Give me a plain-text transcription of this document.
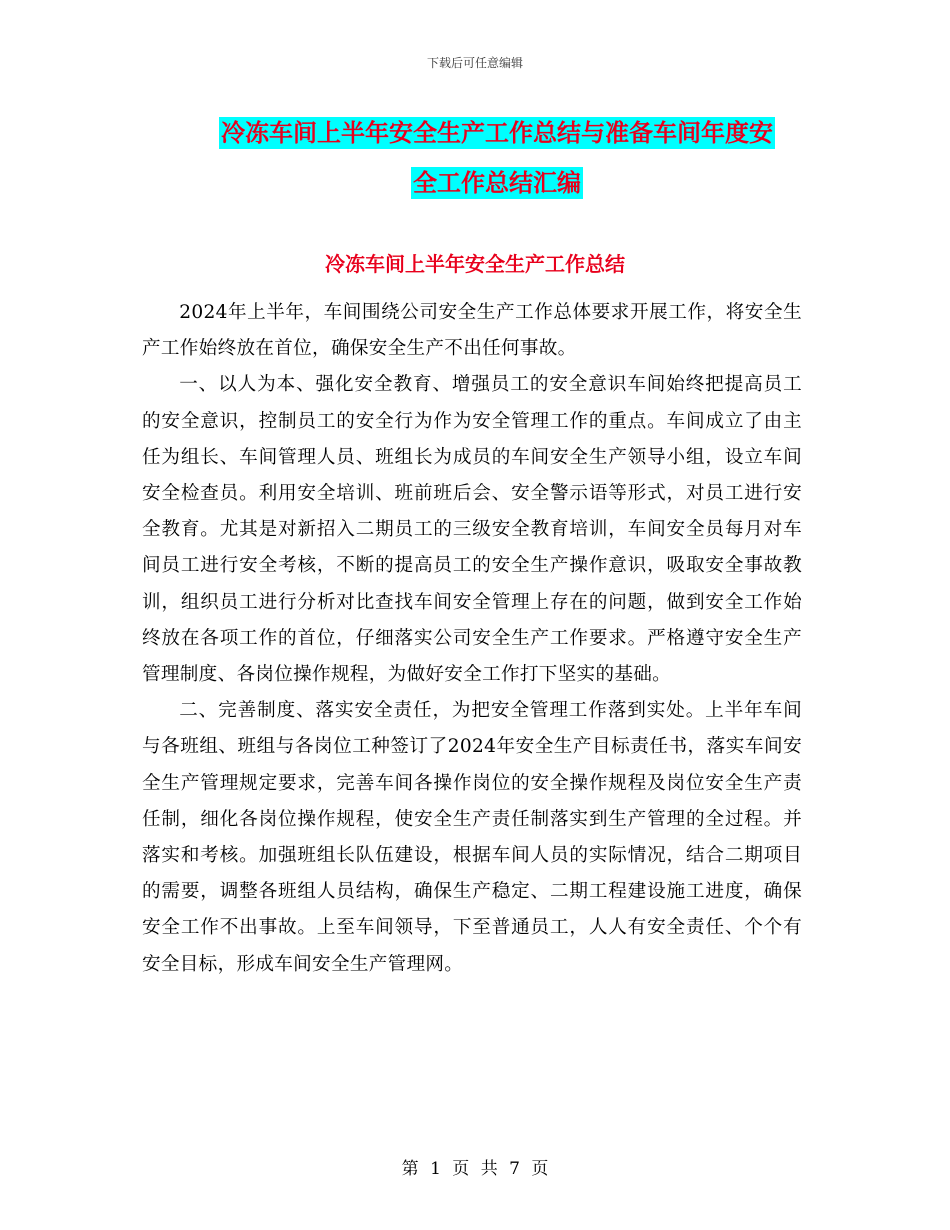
下载后可任意编辑
冷冻车间上半年安全生产工作总结与准备车间年度安
全工作总结汇编
冷冻车间上半年安全生产工作总结

2024年上半年，车间围绕公司安全生产工作总体要求开展工作，将安全生产工作始终放在首位，确保安全生产不出任何事故。

一、以人为本、强化安全教育、增强员工的安全意识车间始终把提高员工的安全意识，控制员工的安全行为作为安全管理工作的重点。车间成立了由主任为组长、车间管理人员、班组长为成员的车间安全生产领导小组，设立车间安全检查员。利用安全培训、班前班后会、安全警示语等形式，对员工进行安全教育。尤其是对新招入二期员工的三级安全教育培训，车间安全员每月对车间员工进行安全考核，不断的提高员工的安全生产操作意识，吸取安全事故教训，组织员工进行分析对比查找车间安全管理上存在的问题，做到安全工作始终放在各项工作的首位，仔细落实公司安全生产工作要求。严格遵守安全生产管理制度、各岗位操作规程，为做好安全工作打下坚实的基础。

二、完善制度、落实安全责任，为把安全管理工作落到实处。上半年车间与各班组、班组与各岗位工种签订了2024年安全生产目标责任书，落实车间安全生产管理规定要求，完善车间各操作岗位的安全操作规程及岗位安全生产责任制，细化各岗位操作规程，使安全生产责任制落实到生产管理的全过程。并落实和考核。加强班组长队伍建设，根据车间人员的实际情况，结合二期项目的需要，调整各班组人员结构，确保生产稳定、二期工程建设施工进度，确保安全工作不出事故。上至车间领导，下至普通员工，人人有安全责任、个个有安全目标，形成车间安全生产管理网。

第 1 页 共 7 页
